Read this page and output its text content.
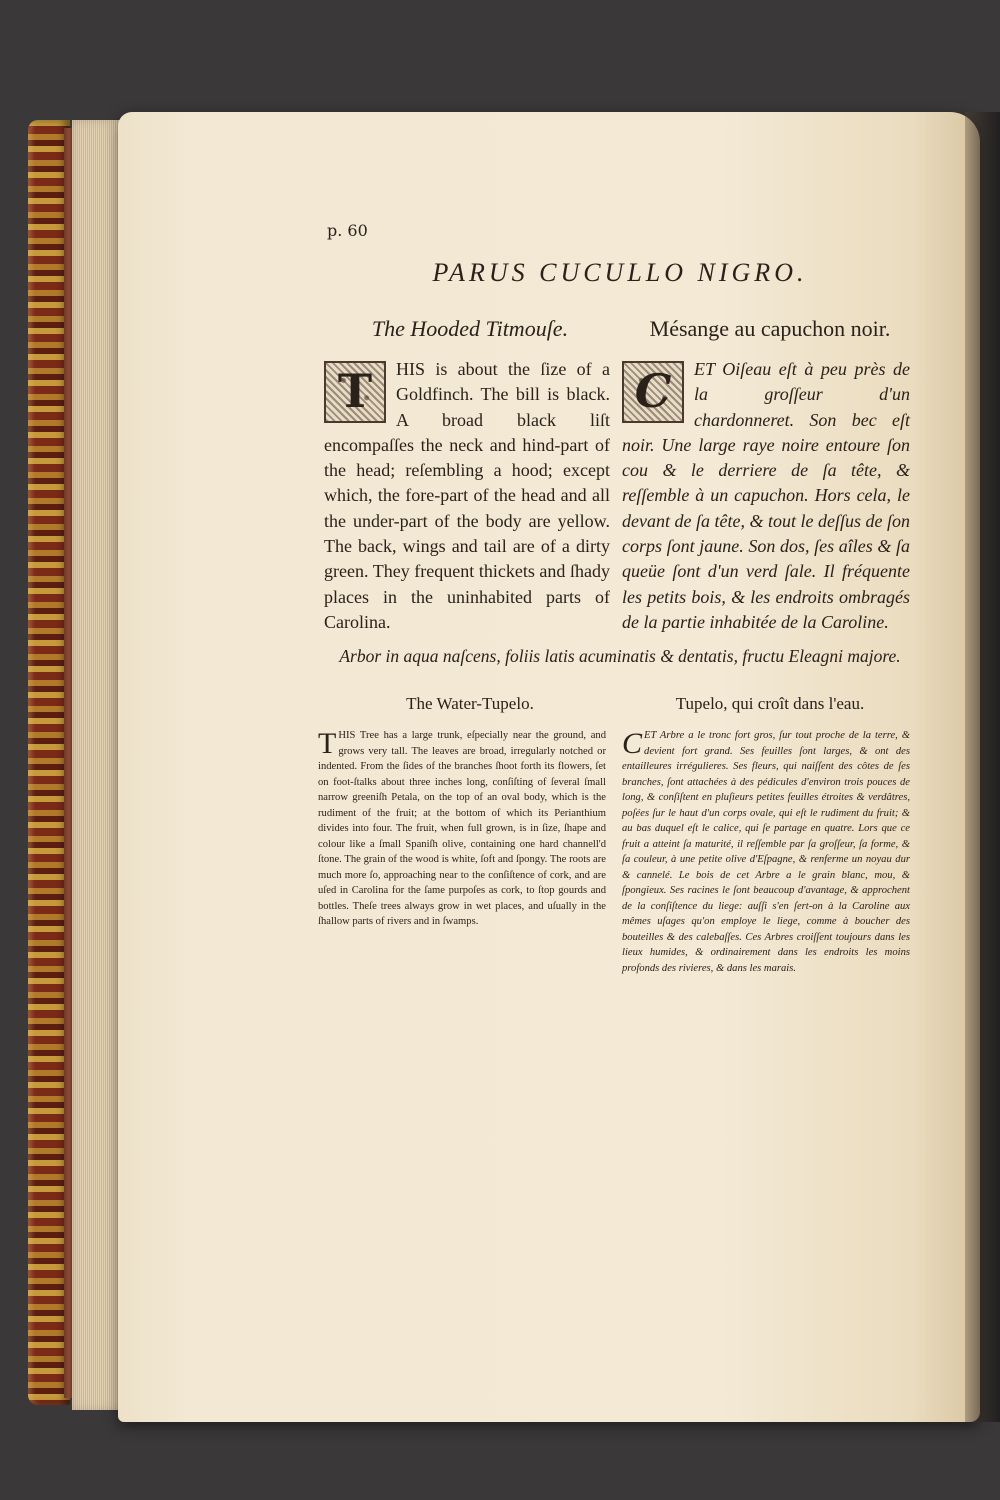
p. 60
PARUS CUCULLO NIGRO.
The Hooded Titmouſe.	Mésange au capuchon noir.
T	HIS is about the ſize of a Goldfinch. The bill is black. A broad black liſt encompaſſes the neck and hind-part of the head; reſembling a hood; except which, the fore-part of the head and all the under-part of the body are yellow. The back, wings and tail are of a dirty green. They frequent thickets and ſhady places in the uninhabited parts of Carolina.
C	ET Oiſeau eſt à peu près de la groſſeur d'un chardonneret. Son bec eſt noir. Une large raye noire entoure ſon cou & le derriere de ſa tête, & reſſemble à un capuchon. Hors cela, le devant de ſa tête, & tout le deſſus de ſon corps ſont jaune. Son dos, ſes aîles & ſa queüe ſont d'un verd ſale. Il fréquente les petits bois, & les endroits ombragés de la partie inhabitée de la Caroline.
Arbor in aqua naſcens, foliis latis acuminatis & dentatis, fructu Eleagni majore.
The Water-Tupelo.	Tupelo, qui croît dans l'eau.
THIS Tree has a large trunk, eſpecially near the ground, and grows very tall. The leaves are broad, irregularly notched or indented. From the ſides of the branches ſhoot forth its flowers, ſet on foot-ſtalks about three inches long, conſiſting of ſeveral ſmall narrow greeniſh Petala, on the top of an oval body, which is the rudiment of the fruit; at the bottom of which its Perianthium divides into four. The fruit, when full grown, is in ſize, ſhape and colour like a ſmall Spaniſh olive, containing one hard channell'd ſtone. The grain of the wood is white, ſoft and ſpongy. The roots are much more ſo, approaching near to the conſiſtence of cork, and are uſed in Carolina for the ſame purpoſes as cork, to ſtop gourds and bottles. Theſe trees always grow in wet places, and uſually in the ſhallow parts of rivers and in ſwamps.
CET Arbre a le tronc fort gros, ſur tout proche de la terre, & devient fort grand. Ses feuilles ſont larges, & ont des entailleures irrégulieres. Ses fleurs, qui naiſſent des côtes de ſes branches, ſont attachées à des pédicules d'environ trois pouces de long, & conſiſtent en pluſieurs petites feuilles étroites & verdâtres, poſées ſur le haut d'un corps ovale, qui eſt le rudiment du fruit; & au bas duquel eſt le calice, qui ſe partage en quatre. Lors que ce fruit a atteint ſa maturité, il reſſemble par ſa groſſeur, ſa forme, & ſa couleur, à une petite olive d'Eſpagne, & renferme un noyau dur & cannelé. Le bois de cet Arbre a le grain blanc, mou, & ſpongieux. Ses racines le ſont beaucoup d'avantage, & approchent de la conſiſtence du liege: auſſi s'en ſert-on à la Caroline aux mêmes uſages qu'on employe le liege, comme à boucher des bouteilles & des calebaſſes. Ces Arbres croiſſent toujours dans les lieux humides, & ordinairement dans les endroits les moins profonds des rivieres, & dans les marais.
